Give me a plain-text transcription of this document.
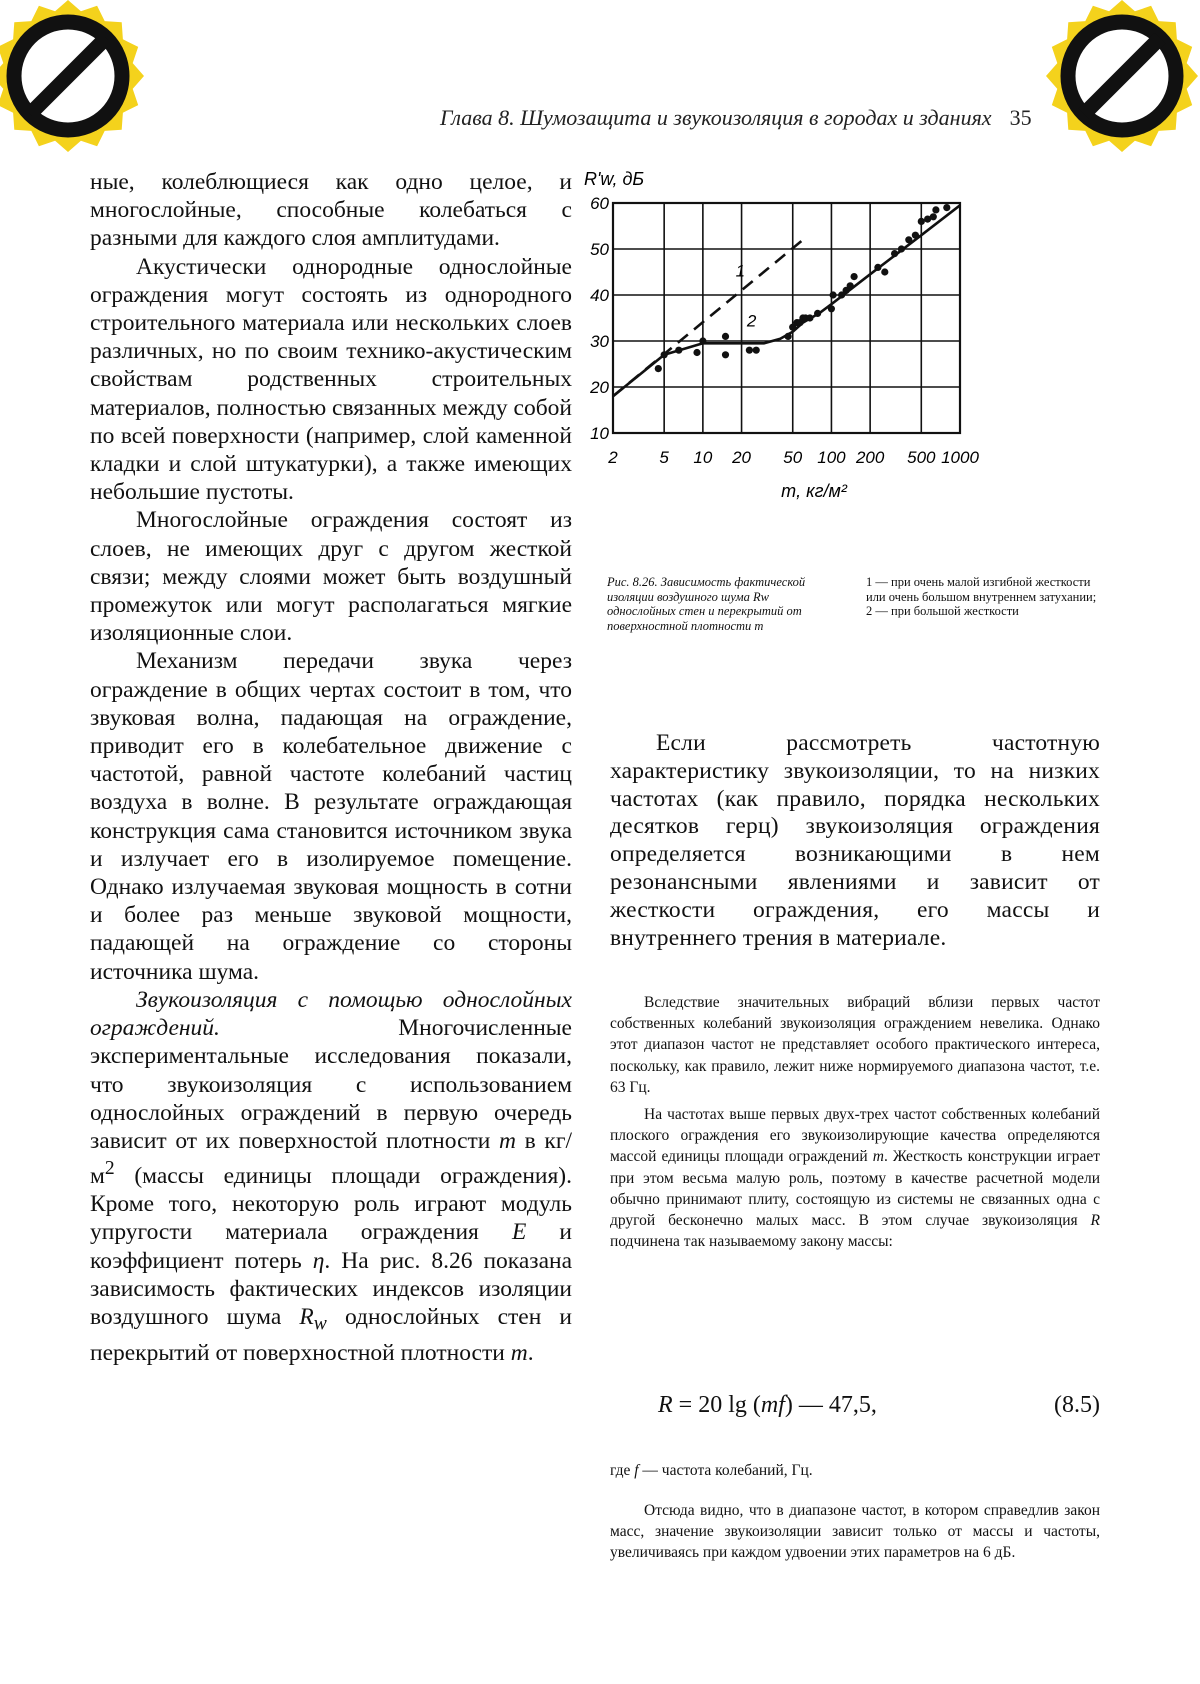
Глава 8. Шумозащита и звукоизоляция в городах и зданиях 35

ные, колеблющиеся как одно целое, и многослойные, способные колебаться с разными для каждого слоя амплитудами.

Акустически однородные однослойные ограждения могут состоять из однородного строительного материала или нескольких слоев различных, но по своим технико-акустическим свойствам родственных строительных материалов, полностью связанных между собой по всей поверхности (например, слой каменной кладки и слой штукатурки), а также имеющих небольшие пустоты.

Многослойные ограждения состоят из слоев, не имеющих друг с другом жесткой связи; между слоями может быть воздушный промежуток или могут располагаться мягкие изоляционные слои.

Механизм передачи звука через ограждение в общих чертах состоит в том, что звуковая волна, падающая на ограждение, приводит его в колебательное движение с частотой, равной частоте колебаний частиц воздуха в волне. В результате ограждающая конструкция сама становится источником звука и излучает его в изолируемое помещение. Однако излучаемая звуковая мощность в сотни и более раз меньше звуковой мощности, падающей на ограждение со стороны источника шума.

Звукоизоляция с помощью однослойных ограждений.	Многочисленные экспериментальные исследования показали, что звукоизоляция с использованием однослойных ограждений в первую очередь зависит от их поверхностой плотности m в $кг/м^2$ (массы единицы площади ограждения). Кроме того, некоторую роль играют модуль упругости материала ограждения E и коэффициент потерь η. На рис. 8.26 показана зависимость фактических индексов изоляции воздушного шума $R_w$ однослойных стен и перекрытий от поверхностной плотности m.

10
20
30
40
50
60
2 5 10 20 50 100 200 500 1000
R'w, дБ
m, кг/м²
1
2
Рис. 8.26. Зависимость фактической изоляции воздушного шума Rw однослойных стен и перекрытий от поверхностной плотности m
1 — при очень малой изгибной жесткости или очень большом внутреннем затухании; 2 — при большой жесткости

Если рассмотреть частотную характеристику звукоизоляции, то на низких частотах (как правило, порядка нескольких десятков герц) звукоизоляция ограждения определяется возникающими в нем резонансными явлениями и зависит от жесткости ограждения, его массы и внутреннего трения в материале.

Вследствие значительных вибраций вблизи первых частот собственных колебаний звукоизоляция ограждением невелика. Однако этот диапазон частот не представляет особого практического интереса, поскольку, как правило, лежит ниже нормируемого диапазона частот, т.е. 63 Гц.

На частотах выше первых двух-трех частот собственных колебаний плоского ограждения его звукоизолирующие качества определяются массой единицы площади ограждений m. Жесткость конструкции играет при этом весьма малую роль, поэтому в качестве расчетной модели обычно принимают плиту, состоящую из системы не связанных одна с другой бесконечно малых масс. В этом случае звукоизоляция R подчинена так называемому закону массы:

R = 20 lg (mf) — 47,5,	(8.5)
где f — частота колебаний, Гц.

Отсюда видно, что в диапазоне частот, в котором справедлив закон масс, значение звукоизоляции зависит только от массы и частоты, увеличиваясь при каждом удвоении этих параметров на 6 дБ.
